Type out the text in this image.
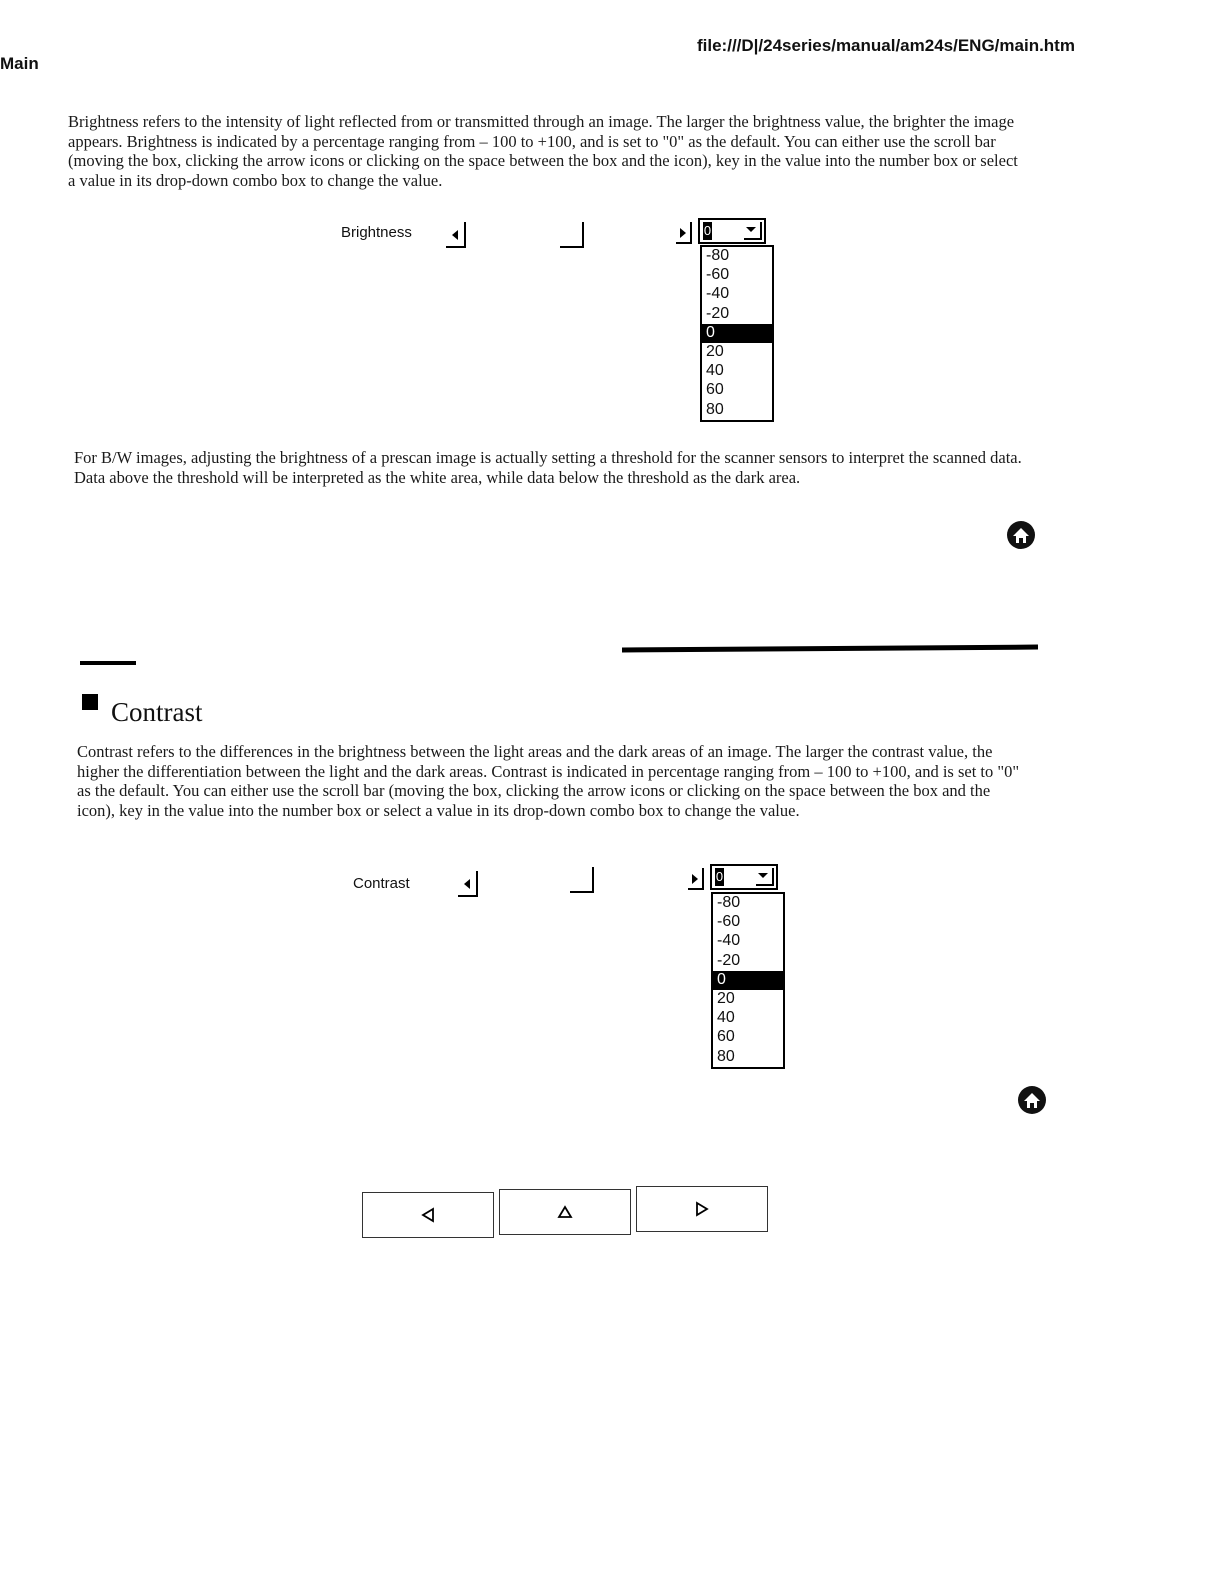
Main
file:///D|/24series/manual/am24s/ENG/main.htm

Brightness refers to the intensity of light reflected from or transmitted through an image. The larger the brightness value, the brighter the image appears. Brightness is indicated by a percentage ranging from – 100 to +100, and is set to "0" as the default. You can either use the scroll bar (moving the box, clicking the arrow icons or clicking on the space between the box and the icon), key in the value into the number box or select a value in its drop-down combo box to change the value.

Brightness	0
-80
-60
-40
-20
0
20
40
60
80

For B/W images, adjusting the brightness of a prescan image is actually setting a threshold for the scanner sensors to interpret the scanned data. Data above the threshold will be interpreted as the white area, while data below the threshold as the dark area.

Contrast

Contrast refers to the differences in the brightness between the light areas and the dark areas of an image. The larger the contrast value, the higher the differentiation between the light and the dark areas. Contrast is indicated in percentage ranging from – 100 to +100, and is set to "0" as the default. You can either use the scroll bar (moving the box, clicking the arrow icons or clicking on the space between the box and the icon), key in the value into the number box or select a value in its drop-down combo box to change the value.

Contrast	0
-80
-60
-40
-20
0
20
40
60
80
